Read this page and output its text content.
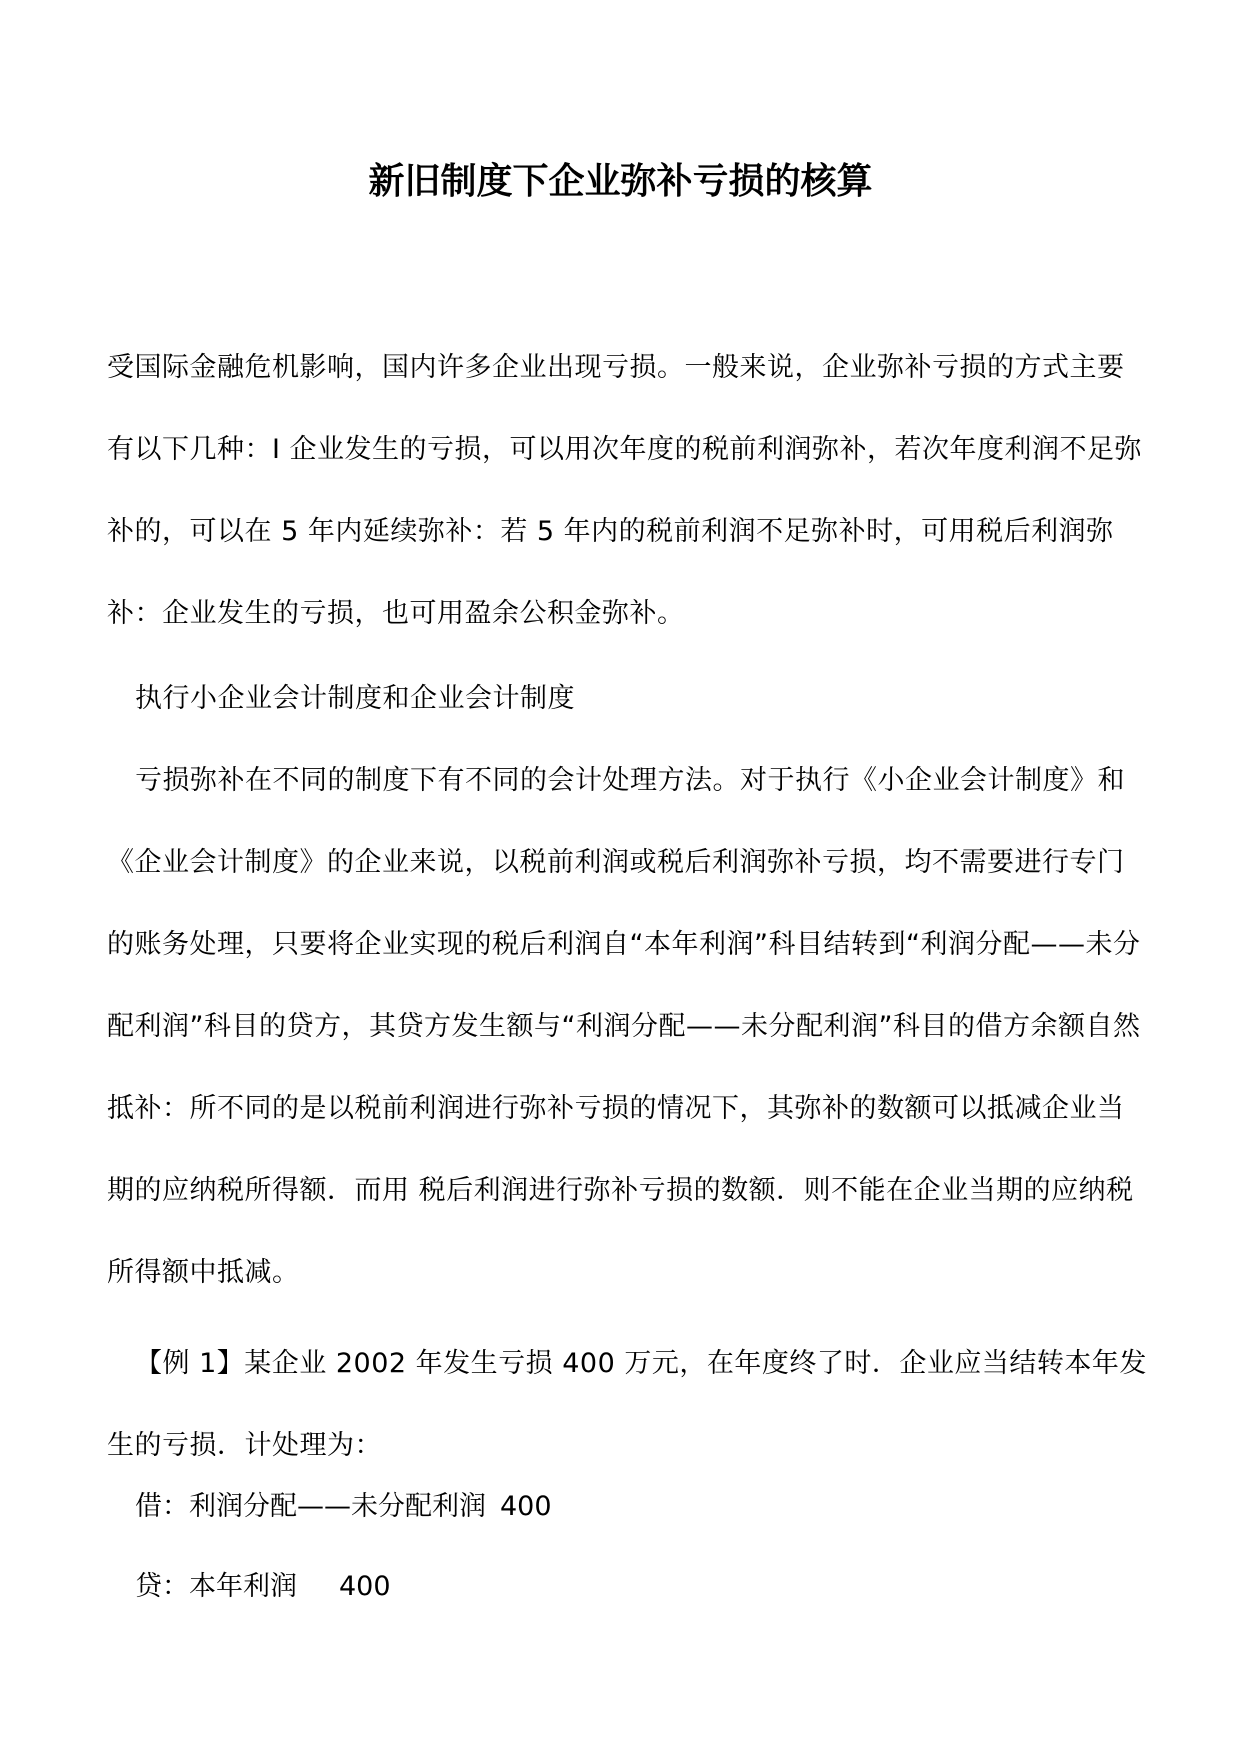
新旧制度下企业弥补亏损的核算

受国际金融危机影响，国内许多企业出现亏损。一般来说，企业弥补亏损的方式主要有以下几种：I 企业发生的亏损，可以用次年度的税前利润弥补，若次年度利润不足弥补的，可以在 5 年内延续弥补：若 5 年内的税前利润不足弥补时，可用税后利润弥补：企业发生的亏损，也可用盈余公积金弥补。

执行小企业会计制度和企业会计制度

亏损弥补在不同的制度下有不同的会计处理方法。对于执行《小企业会计制度》和《企业会计制度》的企业来说，以税前利润或税后利润弥补亏损，均不需要进行专门的账务处理，只要将企业实现的税后利润自“本年利润”科目结转到“利润分配——未分配利润”科目的贷方，其贷方发生额与“利润分配——未分配利润”科目的借方余额自然抵补：所不同的是以税前利润进行弥补亏损的情况下，其弥补的数额可以抵减企业当期的应纳税所得额．而用 税后利润进行弥补亏损的数额．则不能在企业当期的应纳税所得额中抵减。

【例 1】某企业 2002 年发生亏损 400 万元，在年度终了时．企业应当结转本年发生的亏损．计处理为：

借：利润分配——未分配利润 400

贷：本年利润 400
